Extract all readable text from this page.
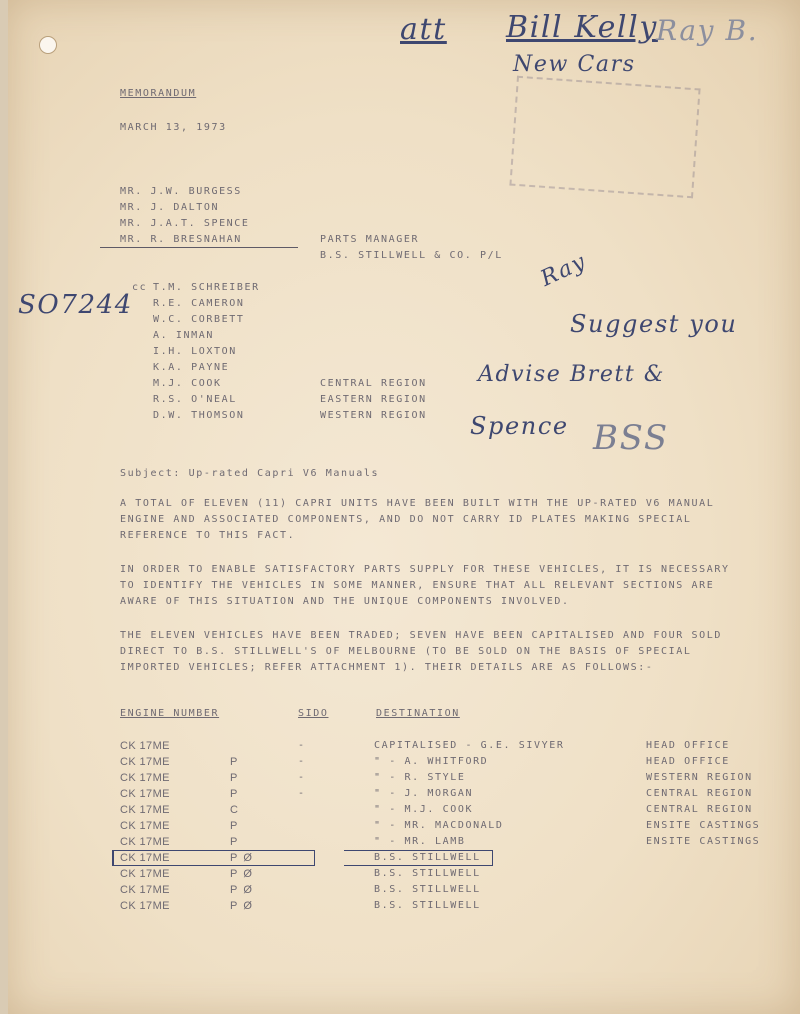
att Bill Kelly
New Cars
Ray B.
MEMORANDUM
MARCH 13, 1973
MR. J.W. BURGESS
MR. J. DALTON
MR. J.A.T. SPENCE
MR. R. BRESNAHAN	PARTS MANAGER
B.S. STILLWELL & CO. P/L
SO7244
cc T.M. SCHREIBER
R.E. CAMERON
W.C. CORBETT
A. INMAN
I.H. LOXTON
K.A. PAYNE
M.J. COOK
R.S. O'NEAL
D.W. THOMSON
CENTRAL REGION
EASTERN REGION
WESTERN REGION
Ray
Suggest you
Advise Brett &
Spence BSS
Subject: Up-rated Capri V6 Manuals
A TOTAL OF ELEVEN (11) CAPRI UNITS HAVE BEEN BUILT WITH THE UP-RATED V6 MANUAL ENGINE AND ASSOCIATED COMPONENTS, AND DO NOT CARRY ID PLATES MAKING SPECIAL REFERENCE TO THIS FACT.
IN ORDER TO ENABLE SATISFACTORY PARTS SUPPLY FOR THESE VEHICLES, IT IS NECESSARY TO IDENTIFY THE VEHICLES IN SOME MANNER, ENSURE THAT ALL RELEVANT SECTIONS ARE AWARE OF THIS SITUATION AND THE UNIQUE COMPONENTS INVOLVED.
THE ELEVEN VEHICLES HAVE BEEN TRADED; SEVEN HAVE BEEN CAPITALISED AND FOUR SOLD DIRECT TO B.S. STILLWELL'S OF MELBOURNE (TO BE SOLD ON THE BASIS OF SPECIAL IMPORTED VEHICLES; REFER ATTACHMENT 1). THEIR DETAILS ARE AS FOLLOWS:-
ENGINE NUMBER	SIDO	DESTINATION
CK 17ME	-	CAPITALISED - G.E. SIVYER	HEAD OFFICE
CK 17ME	P	-	" - A. WHITFORD	HEAD OFFICE
CK 17ME	P	-	" - R. STYLE	WESTERN REGION
CK 17ME	P	-	" - J. MORGAN	CENTRAL REGION
CK 17ME	C	" - M.J. COOK	CENTRAL REGION
CK 17ME	P	" - MR. MACDONALD	ENSITE CASTINGS
CK 17ME	P	" - MR. LAMB	ENSITE CASTINGS
CK 17ME	P Ø	B.S. STILLWELL
CK 17ME	P Ø	B.S. STILLWELL
CK 17ME	P Ø	B.S. STILLWELL
CK 17ME	P Ø	B.S. STILLWELL
